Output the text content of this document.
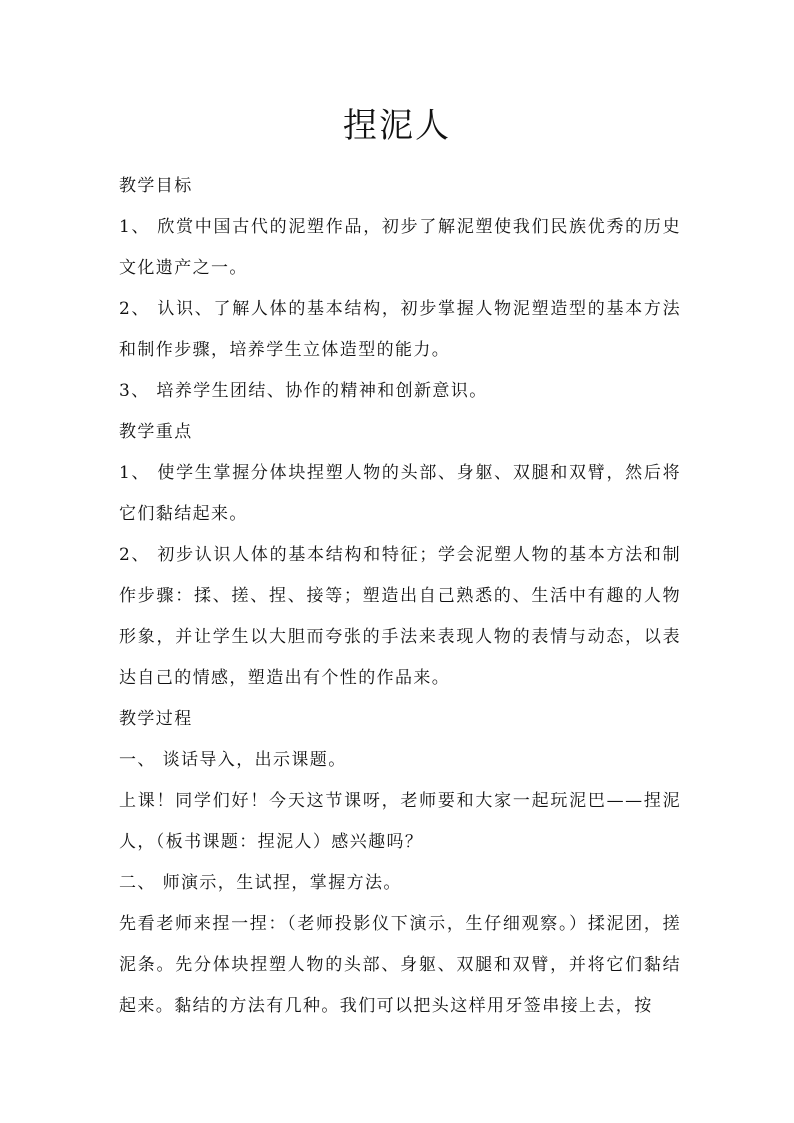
捏泥人

教学目标

1、 欣赏中国古代的泥塑作品，初步了解泥塑使我们民族优秀的历史文化遗产之一。

2、 认识、了解人体的基本结构，初步掌握人物泥塑造型的基本方法和制作步骤，培养学生立体造型的能力。

3、 培养学生团结、协作的精神和创新意识。

教学重点

1、 使学生掌握分体块捏塑人物的头部、身躯、双腿和双臂，然后将它们黏结起来。

2、 初步认识人体的基本结构和特征；学会泥塑人物的基本方法和制作步骤：揉、搓、捏、接等；塑造出自己熟悉的、生活中有趣的人物形象，并让学生以大胆而夸张的手法来表现人物的表情与动态，以表达自己的情感，塑造出有个性的作品来。

教学过程

一、 谈话导入，出示课题。

上课！同学们好！今天这节课呀，老师要和大家一起玩泥巴——捏泥人，（板书课题：捏泥人）感兴趣吗？

二、 师演示，生试捏，掌握方法。

先看老师来捏一捏：（老师投影仪下演示，生仔细观察。）揉泥团，搓泥条。先分体块捏塑人物的头部、身躯、双腿和双臂，并将它们黏结起来。黏结的方法有几种。我们可以把头这样用牙签串接上去，按
